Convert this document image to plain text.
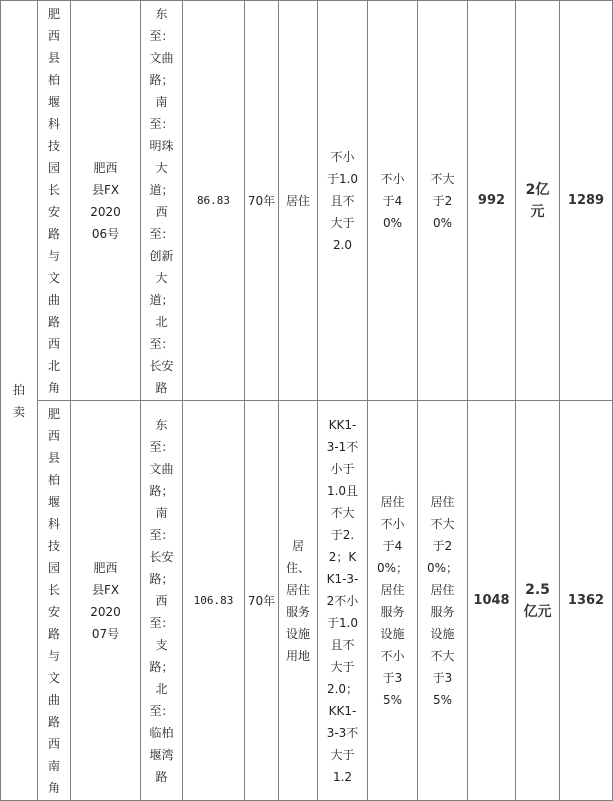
拍卖	肥西县柏堰科技园长安路与文曲路西北角	肥西县FX202006号	东至：文曲路；南至：明珠大道；西至：创新大道；北至：长安路	86.83	70年	居住	不小于1.0且不大于2.0	不小于40%	不大于20%	992	2亿元	1289

	肥西县柏堰科技园长安路与文曲路西南角	肥西县FX202007号	东至：文曲路；南至：长安路；西至：支路；北至：临柏堰湾路	106.83	70年	居住、居住服务设施用地	KK1-3-1不小于1.0且不大于2.2；KK1-3-2不小于1.0且不大于2.0；KK1-3-3不大于1.2	居住不小于40%；居住服务设施不小于35%	居住不大于20%；居住服务设施不大于35%	1048	2.5亿元	1362
